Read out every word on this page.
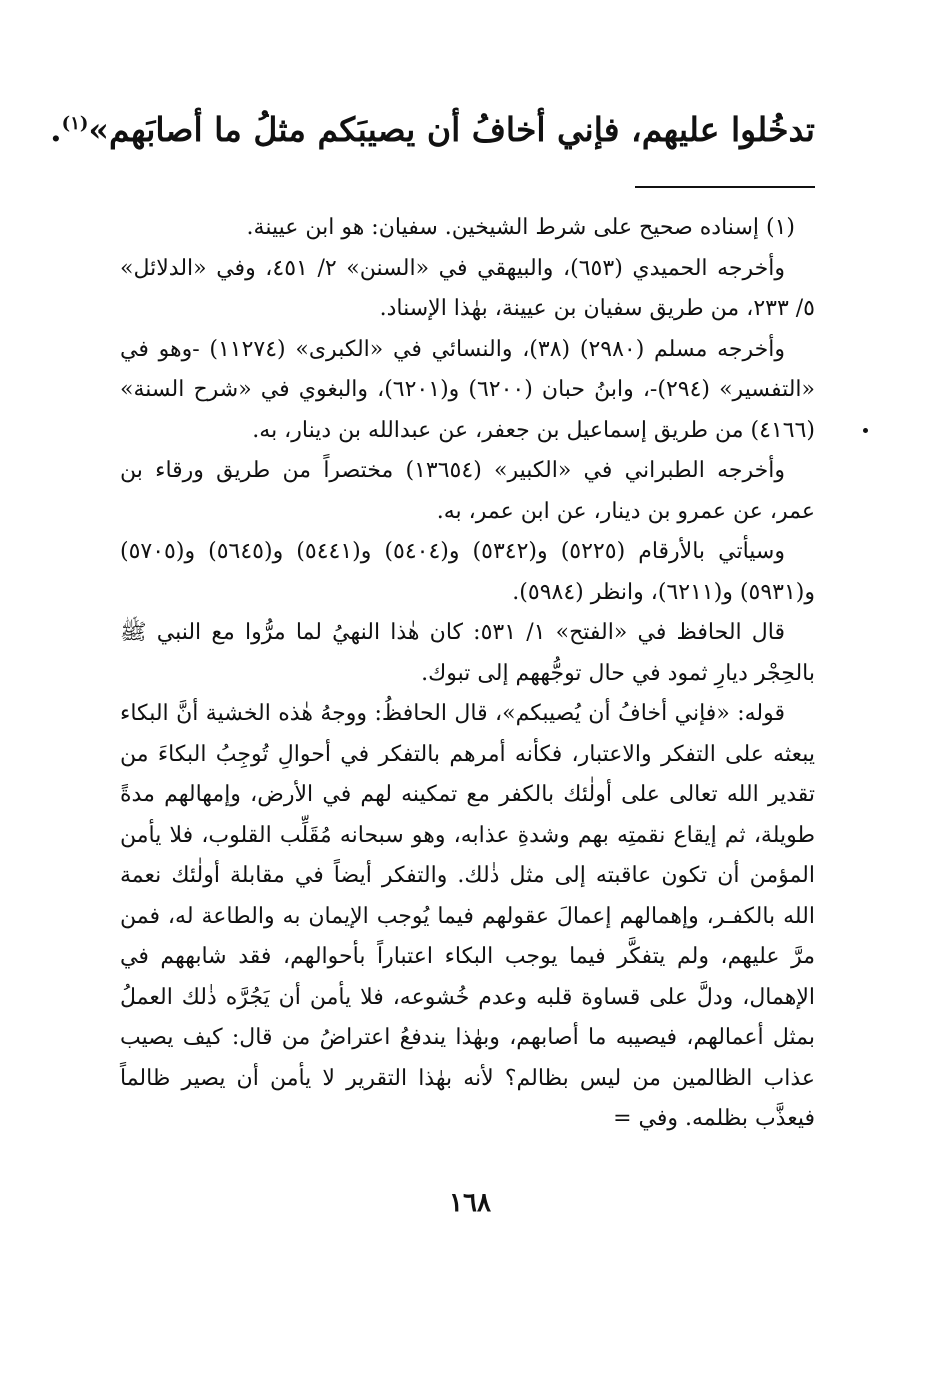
تدخُلوا عليهم، فإني أخافُ أن يصيبَكم مثلُ ما أصابَهم»$^{(١)}$.

(١) إسناده صحيح على شرط الشيخين. سفيان: هو ابن عيينة.

وأخرجه الحميدي (٦٥٣)، والبيهقي في «السنن» ٢/ ٤٥١، وفي «الدلائل» ٥/ ٢٣٣، من طريق سفيان بن عيينة، بهٰذا الإسناد.

وأخرجه مسلم (٢٩٨٠) (٣٨)، والنسائي في «الكبرى» (١١٢٧٤) -وهو في «التفسير» (٢٩٤)-، وابنُ حبان (٦٢٠٠) و(٦٢٠١)، والبغوي في «شرح السنة» (٤١٦٦) من طريق إسماعيل بن جعفر، عن عبدالله بن دينار، به.

وأخرجه الطبراني في «الكبير» (١٣٦٥٤) مختصراً من طريق ورقاء بن عمر، عن عمرو بن دينار، عن ابن عمر، به.

وسيأتي بالأرقام (٥٢٢٥) و(٥٣٤٢) و(٥٤٠٤) و(٥٤٤١) و(٥٦٤٥) و(٥٧٠٥) و(٥٩٣١) و(٦٢١١)، وانظر (٥٩٨٤).

قال الحافظ في «الفتح» ١/ ٥٣١: كان هٰذا النهيُ لما مرُّوا مع النبي ﷺ بالحِجْر ديارِ ثمود في حال توجُّههم إلى تبوك.

قوله: «فإني أخافُ أن يُصيبكم»، قال الحافظُ: ووجهُ هٰذه الخشية أنَّ البكاء يبعثه على التفكر والاعتبار، فكأنه أمرهم بالتفكر في أحوالِ تُوجِبُ البكاءَ من تقدير الله تعالى على أولٰئك بالكفر مع تمكينه لهم في الأرض، وإمهالهم مدةً طويلة، ثم إيقاع نقمتِه بهم وشدةِ عذابه، وهو سبحانه مُقَلِّب القلوب، فلا يأمن المؤمن أن تكون عاقبته إلى مثل ذٰلك. والتفكر أيضاً في مقابلة أولٰئك نعمة الله بالكفـر، وإهمالهم إعمالَ عقولهم فيما يُوجب الإيمان به والطاعة له، فمن مرَّ عليهم، ولم يتفكَّر فيما يوجب البكاء اعتباراً بأحوالهم، فقد شابههم في الإهمال، ودلَّ على قساوة قلبه وعدم خُشوعه، فلا يأمن أن يَجُرَّه ذٰلك العملُ بمثل أعمالهم، فيصيبه ما أصابهم، وبهٰذا يندفعُ اعتراضُ من قال: كيف يصيب عذاب الظالمين من ليس بظالم؟ لأنه بهٰذا التقرير لا يأمن أن يصير ظالماً فيعذَّب بظلمه. وفي =

١٦٨
